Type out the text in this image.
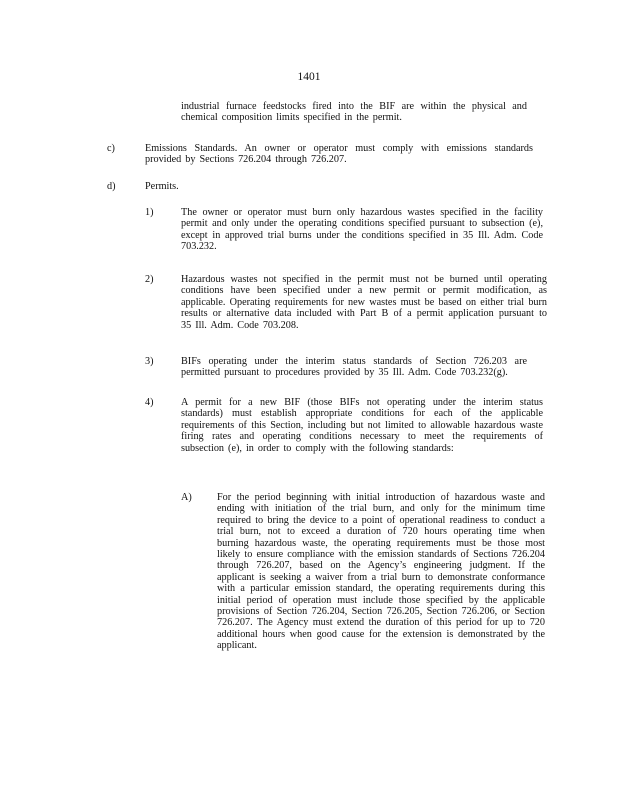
1401
industrial furnace feedstocks fired into the BIF are within the physical and chemical composition limits specified in the permit.
c)	Emissions Standards. An owner or operator must comply with emissions standards provided by Sections 726.204 through 726.207.
d)	Permits.
1)	The owner or operator must burn only hazardous wastes specified in the facility permit and only under the operating conditions specified pursuant to subsection (e), except in approved trial burns under the conditions specified in 35 Ill. Adm. Code 703.232.
2)	Hazardous wastes not specified in the permit must not be burned until operating conditions have been specified under a new permit or permit modification, as applicable. Operating requirements for new wastes must be based on either trial burn results or alternative data included with Part B of a permit application pursuant to 35 Ill. Adm. Code 703.208.
3)	BIFs operating under the interim status standards of Section 726.203 are permitted pursuant to procedures provided by 35 Ill. Adm. Code 703.232(g).
4)	A permit for a new BIF (those BIFs not operating under the interim status standards) must establish appropriate conditions for each of the applicable requirements of this Section, including but not limited to allowable hazardous waste firing rates and operating conditions necessary to meet the requirements of subsection (e), in order to comply with the following standards:
A) For the period beginning with initial introduction of hazardous waste and ending with initiation of the trial burn, and only for the minimum time required to bring the device to a point of operational readiness to conduct a trial burn, not to exceed a duration of 720 hours operating time when burning hazardous waste, the operating requirements must be those most likely to ensure compliance with the emission standards of Sections 726.204 through 726.207, based on the Agency’s engineering judgment. If the applicant is seeking a waiver from a trial burn to demonstrate conformance with a particular emission standard, the operating requirements during this initial period of operation must include those specified by the applicable provisions of Section 726.204, Section 726.205, Section 726.206, or Section 726.207. The Agency must extend the duration of this period for up to 720 additional hours when good cause for the extension is demonstrated by the applicant.
